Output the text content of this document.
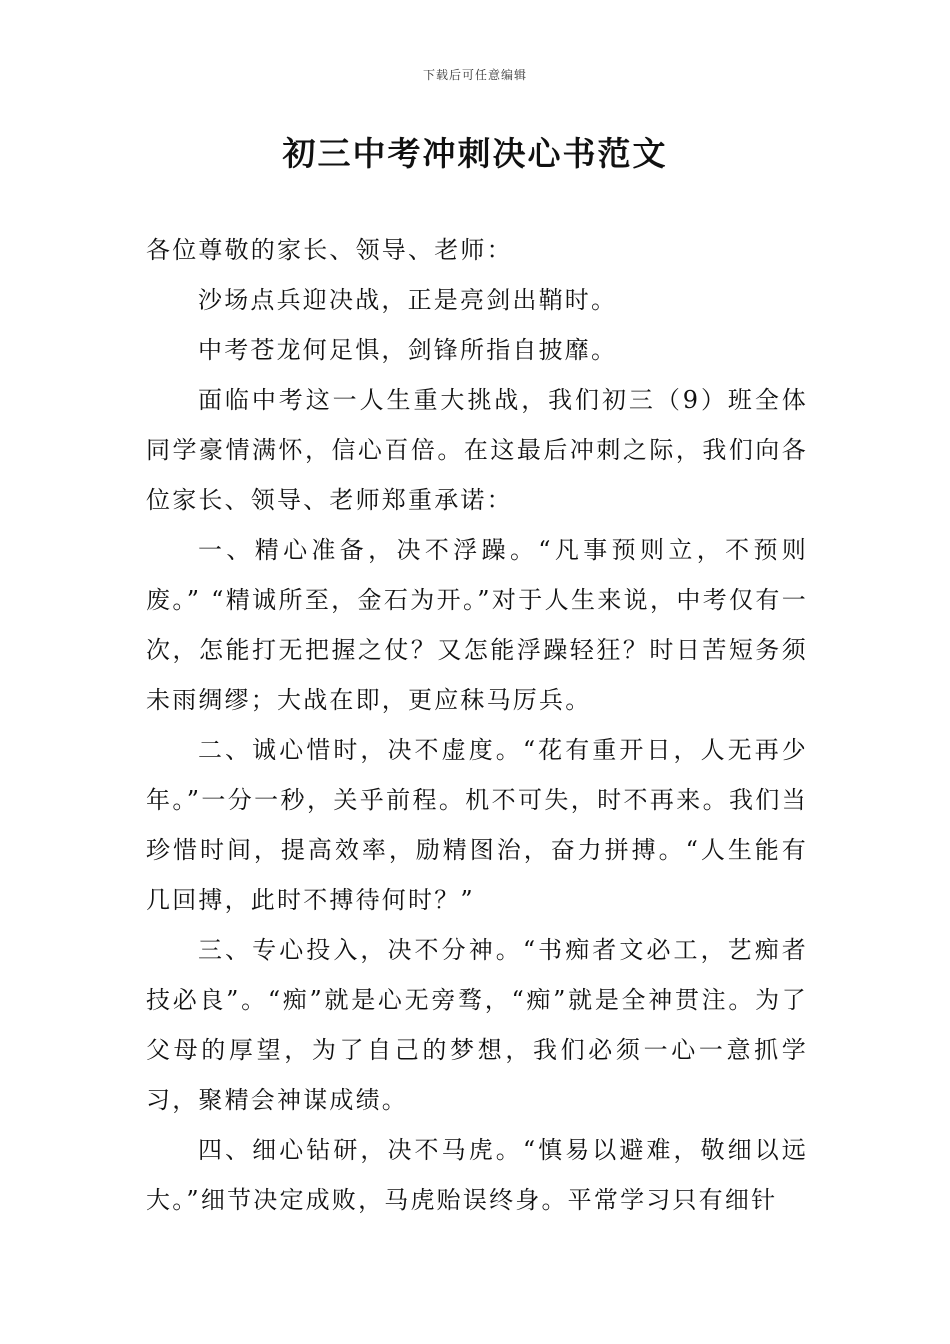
下载后可任意编辑
初三中考冲刺决心书范文

各位尊敬的家长、领导、老师：

沙场点兵迎决战，正是亮剑出鞘时。

中考苍龙何足惧，剑锋所指自披靡。

面临中考这一人生重大挑战，我们初三（9）班全体同学豪情满怀，信心百倍。在这最后冲刺之际，我们向各位家长、领导、老师郑重承诺：

一、精心准备，决不浮躁。“凡事预则立，不预则废。” “精诚所至，金石为开。”对于人生来说，中考仅有一次，怎能打无把握之仗？又怎能浮躁轻狂？时日苦短务须未雨绸缪；大战在即，更应秣马厉兵。

二、诚心惜时，决不虚度。“花有重开日，人无再少年。”一分一秒，关乎前程。机不可失，时不再来。我们当珍惜时间，提高效率，励精图治，奋力拼搏。“人生能有几回搏，此时不搏待何时？”

三、专心投入，决不分神。“书痴者文必工，艺痴者技必良”。“痴”就是心无旁骛，“痴”就是全神贯注。为了父母的厚望，为了自己的梦想，我们必须一心一意抓学习，聚精会神谋成绩。

四、细心钻研，决不马虎。“慎易以避难，敬细以远大。”细节决定成败，马虎贻误终身。平常学习只有细针
